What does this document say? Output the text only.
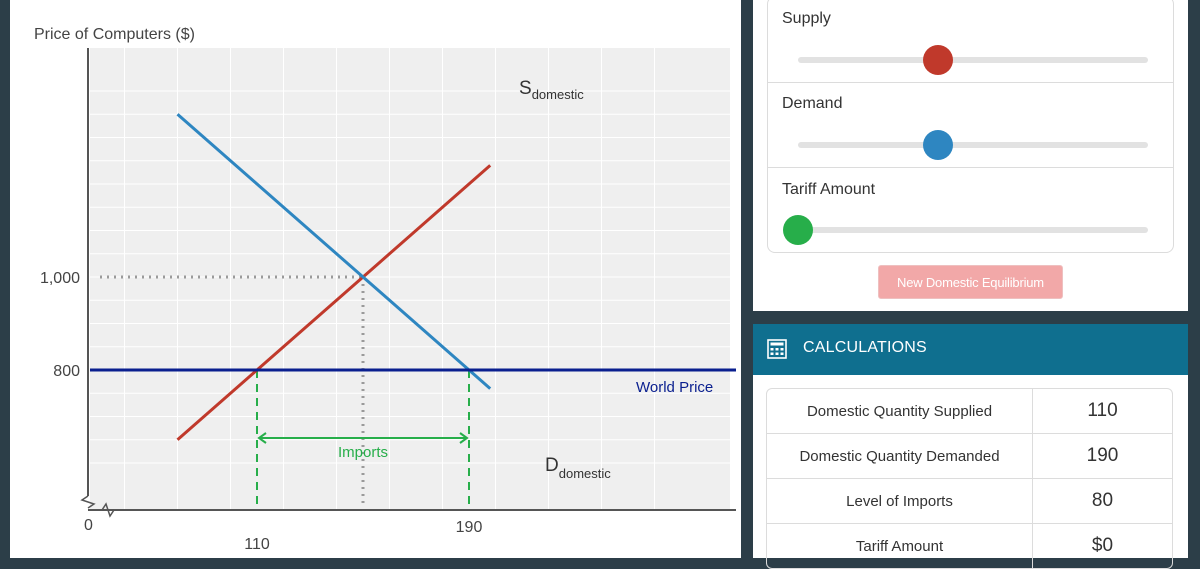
Price of Computers ($)
1,000
800
0
110
190
$S_{domestic}$
$D_{domestic}$
World Price
Imports
Supply
Demand
Tariff Amount
New Domestic Equilibrium
CALCULATIONS
Domestic Quantity Supplied	110
Domestic Quantity Demanded	190
Level of Imports	80
Tariff Amount	$0
